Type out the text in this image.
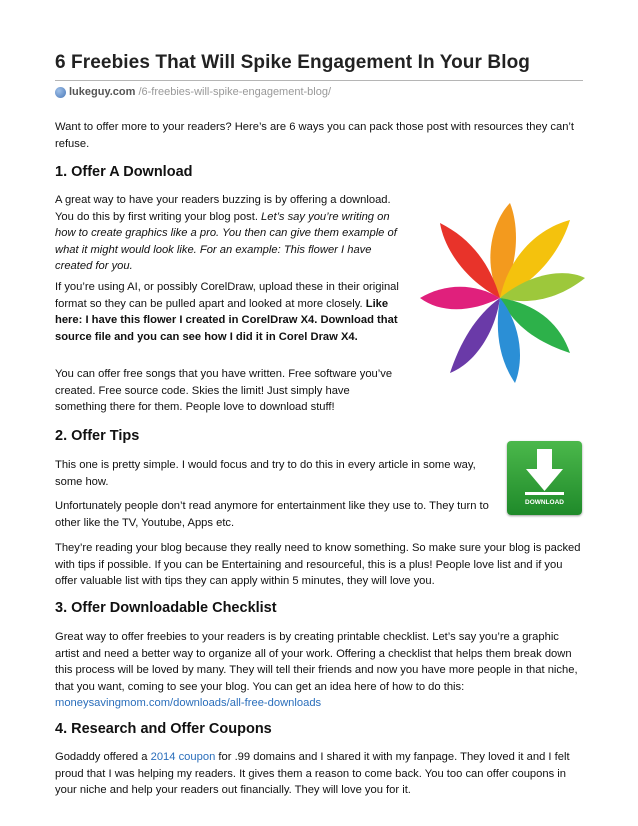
6 Freebies That Will Spike Engagement In Your Blog
lukeguy.com /6-freebies-will-spike-engagement-blog/

Want to offer more to your readers? Here’s are 6 ways you can pack those post with resources they can’t refuse.

1. Offer A Download

A great way to have your readers buzzing is by offering a download. You do this by first writing your blog post. Let’s say you’re writing on how to create graphics like a pro. You then can give them example of what it might would look like. For an example: This flower I have created for you.

If you’re using AI, or possibly CorelDraw, upload these in their original format so they can be pulled apart and looked at more closely. Like here: I have this flower I created in CorelDraw X4. Download that source file and you can see how I did it in Corel Draw X4.

You can offer free songs that you have written. Free software you’ve created. Free source code. Skies the limit! Just simply have something there for them. People love to download stuff!

2. Offer Tips

This one is pretty simple. I would focus and try to do this in every article in some way, some how.

Unfortunately people don’t read anymore for entertainment like they use to. They turn to other like the TV, Youtube, Apps etc.

DOWNLOAD

They’re reading your blog because they really need to know something. So make sure your blog is packed with tips if possible. If you can be Entertaining and resourceful, this is a plus! People love list and if you offer valuable list with tips they can apply within 5 minutes, they will love you.

3. Offer Downloadable Checklist

Great way to offer freebies to your readers is by creating printable checklist. Let’s say you’re a graphic artist and need a better way to organize all of your work. Offering a checklist that helps them break down this process will be loved by many. They will tell their friends and now you have more people in that niche, that you want, coming to see your blog. You can get an idea here of how to do this: moneysavingmom.com/downloads/all-free-downloads

4. Research and Offer Coupons

Godaddy offered a 2014 coupon for .99 domains and I shared it with my fanpage. They loved it and I felt proud that I was helping my readers. It gives them a reason to come back. You too can offer coupons in your niche and help your readers out financially. They will love you for it.
